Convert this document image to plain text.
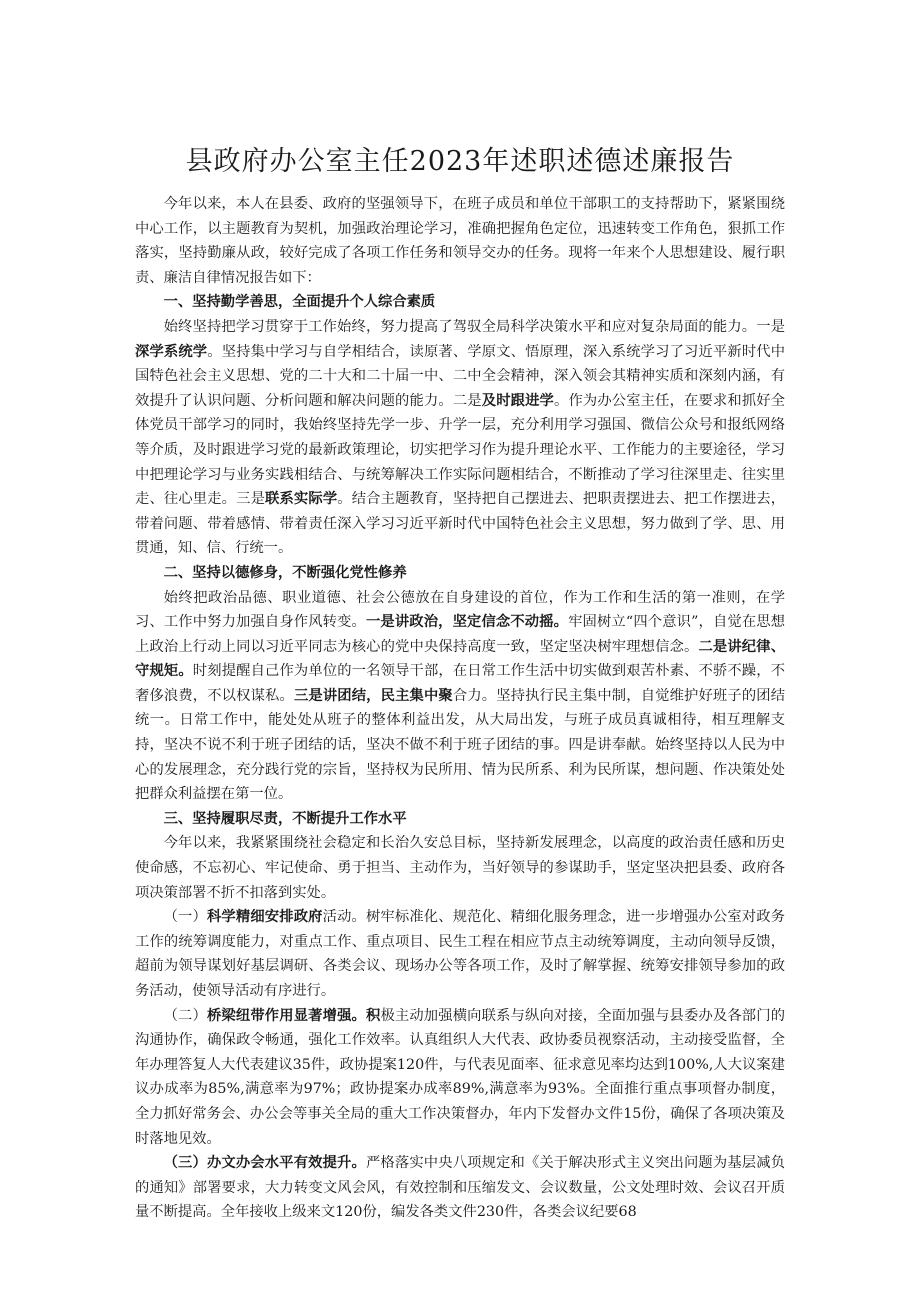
县政府办公室主任2023年述职述德述廉报告

今年以来，本人在县委、政府的坚强领导下，在班子成员和单位干部职工的支持帮助下，紧紧围绕中心工作，以主题教育为契机，加强政治理论学习，准确把握角色定位，迅速转变工作角色，狠抓工作落实，坚持勤廉从政，较好完成了各项工作任务和领导交办的任务。现将一年来个人思想建设、履行职责、廉洁自律情况报告如下：

一、坚持勤学善思，全面提升个人综合素质

始终坚持把学习贯穿于工作始终，努力提高了驾驭全局科学决策水平和应对复杂局面的能力。一是深学系统学。坚持集中学习与自学相结合，读原著、学原文、悟原理，深入系统学习了习近平新时代中国特色社会主义思想、党的二十大和二十届一中、二中全会精神，深入领会其精神实质和深刻内涵，有效提升了认识问题、分析问题和解决问题的能力。二是及时跟进学。作为办公室主任，在要求和抓好全体党员干部学习的同时，我始终坚持先学一步、升学一层，充分利用学习强国、微信公众号和报纸网络等介质，及时跟进学习党的最新政策理论，切实把学习作为提升理论水平、工作能力的主要途径，学习中把理论学习与业务实践相结合、与统筹解决工作实际问题相结合，不断推动了学习往深里走、往实里走、往心里走。三是联系实际学。结合主题教育，坚持把自己摆进去、把职责摆进去、把工作摆进去，带着问题、带着感情、带着责任深入学习习近平新时代中国特色社会主义思想，努力做到了学、思、用贯通，知、信、行统一。

二、坚持以德修身，不断强化党性修养

始终把政治品德、职业道德、社会公德放在自身建设的首位，作为工作和生活的第一准则，在学习、工作中努力加强自身作风转变。一是讲政治，坚定信念不动摇。牢固树立“四个意识”，自觉在思想上政治上行动上同以习近平同志为核心的党中央保持高度一致，坚定坚决树牢理想信念。二是讲纪律、守规矩。时刻提醒自己作为单位的一名领导干部，在日常工作生活中切实做到艰苦朴素、不骄不躁，不奢侈浪费，不以权谋私。三是讲团结，民主集中聚合力。坚持执行民主集中制，自觉维护好班子的团结统一。日常工作中，能处处从班子的整体利益出发，从大局出发，与班子成员真诚相待，相互理解支持，坚决不说不利于班子团结的话，坚决不做不利于班子团结的事。四是讲奉献。始终坚持以人民为中心的发展理念，充分践行党的宗旨，坚持权为民所用、情为民所系、利为民所谋，想问题、作决策处处把群众利益摆在第一位。

三、坚持履职尽责，不断提升工作水平

今年以来，我紧紧围绕社会稳定和长治久安总目标，坚持新发展理念，以高度的政治责任感和历史使命感，不忘初心、牢记使命、勇于担当、主动作为，当好领导的参谋助手，坚定坚决把县委、政府各项决策部署不折不扣落到实处。

（一）科学精细安排政府活动。树牢标准化、规范化、精细化服务理念，进一步增强办公室对政务工作的统筹调度能力，对重点工作、重点项目、民生工程在相应节点主动统筹调度，主动向领导反馈，超前为领导谋划好基层调研、各类会议、现场办公等各项工作，及时了解掌握、统筹安排领导参加的政务活动，使领导活动有序进行。

（二）桥梁纽带作用显著增强。积极主动加强横向联系与纵向对接，全面加强与县委办及各部门的沟通协作，确保政令畅通，强化工作效率。认真组织人大代表、政协委员视察活动，主动接受监督，全年办理答复人大代表建议35件，政协提案120件，与代表见面率、征求意见率均达到100%,人大议案建议办成率为85%,满意率为97%；政协提案办成率89%,满意率为93%。全面推行重点事项督办制度，全力抓好常务会、办公会等事关全局的重大工作决策督办，年内下发督办文件15份，确保了各项决策及时落地见效。

（三）办文办会水平有效提升。严格落实中央八项规定和《关于解决形式主义突出问题为基层减负的通知》部署要求，大力转变文风会风，有效控制和压缩发文、会议数量，公文处理时效、会议召开质量不断提高。全年接收上级来文120份，编发各类文件230件，各类会议纪要68
